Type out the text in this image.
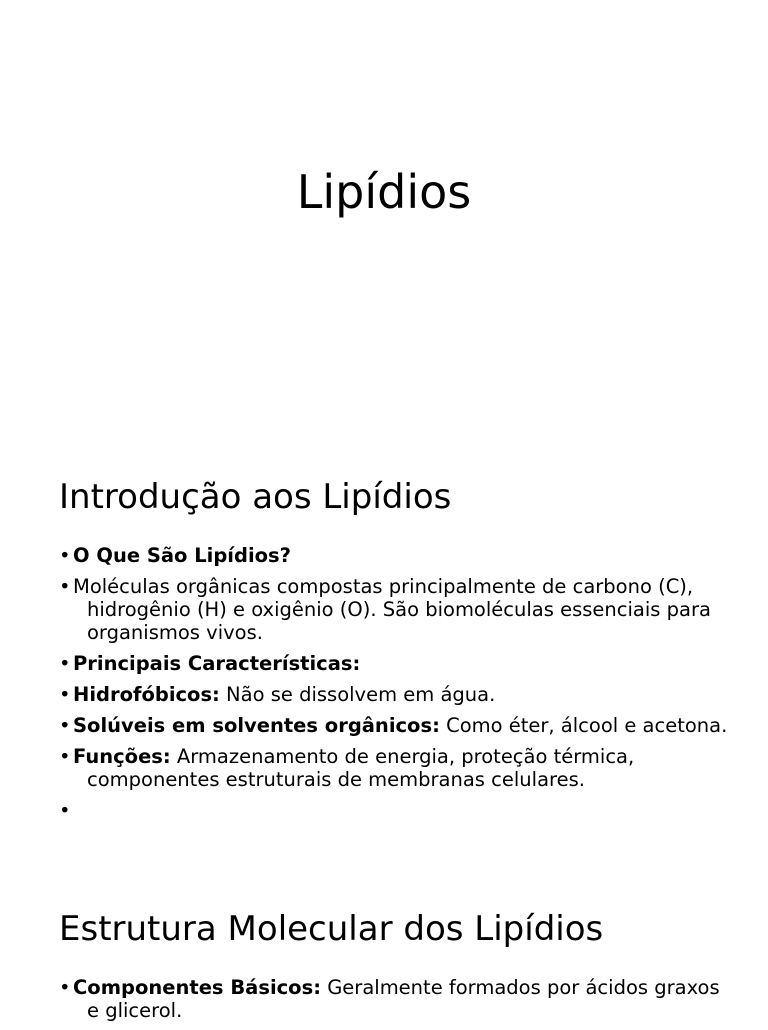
Lipídios
Introdução aos Lipídios
• O Que São Lipídios?
• Moléculas orgânicas compostas principalmente de carbono (C), hidrogênio (H) e oxigênio (O). São biomoléculas essenciais para organismos vivos.
• Principais Características:
• Hidrofóbicos: Não se dissolvem em água.
• Solúveis em solventes orgânicos: Como éter, álcool e acetona.
• Funções: Armazenamento de energia, proteção térmica, componentes estruturais de membranas celulares.
•

Estrutura Molecular dos Lipídios
• Componentes Básicos: Geralmente formados por ácidos graxos e glicerol.
